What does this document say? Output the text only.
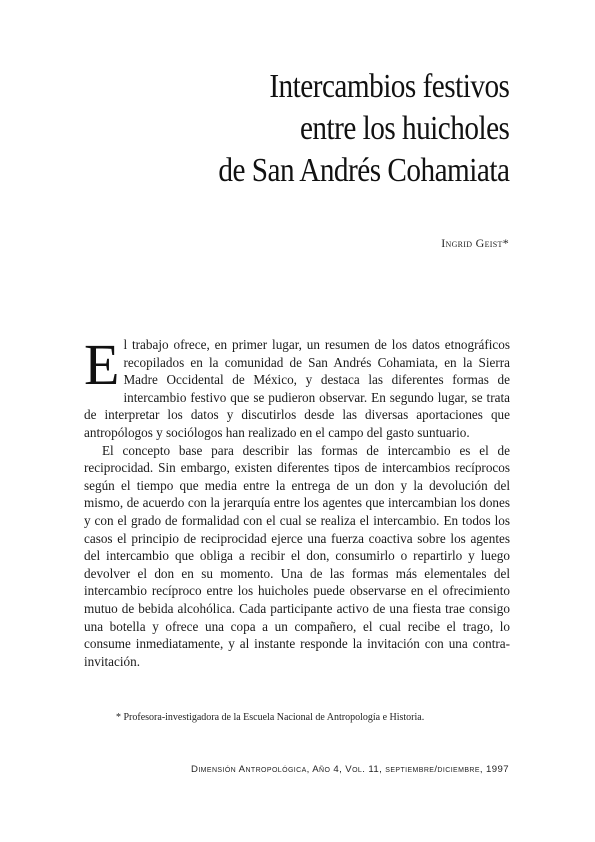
Intercambios festivos
entre los huicholes
de San Andrés Cohamiata
Ingrid Geist*

El trabajo ofrece, en primer lugar, un resumen de los datos etnográficos recopilados en la comunidad de San Andrés Cohamiata, en la Sierra Madre Occidental de México, y destaca las diferentes formas de intercambio festivo que se pudieron observar. En segundo lugar, se trata de interpretar los datos y discutirlos desde las diversas aportaciones que antropólogos y sociólogos han realizado en el campo del gasto suntuario.

El concepto base para describir las formas de intercambio es el de reciprocidad. Sin embargo, existen diferentes tipos de intercambios recíprocos según el tiempo que media entre la entrega de un don y la devolución del mismo, de acuerdo con la jerarquía entre los agentes que intercambian los dones y con el grado de formalidad con el cual se realiza el intercambio. En todos los casos el principio de reciprocidad ejerce una fuerza coactiva sobre los agentes del intercambio que obliga a recibir el don, consumirlo o repartirlo y luego devolver el don en su momento. Una de las formas más elementales del intercambio recíproco entre los huicholes puede observarse en el ofrecimiento mutuo de bebida alcohólica. Cada participante activo de una fiesta trae consigo una botella y ofrece una copa a un compañero, el cual recibe el trago, lo consume inmediatamente, y al instante responde la invitación con una contra-invitación.

* Profesora-investigadora de la Escuela Nacional de Antropología e Historia.
Dimensión Antropológica, Año 4, Vol. 11, septiembre/diciembre, 1997
